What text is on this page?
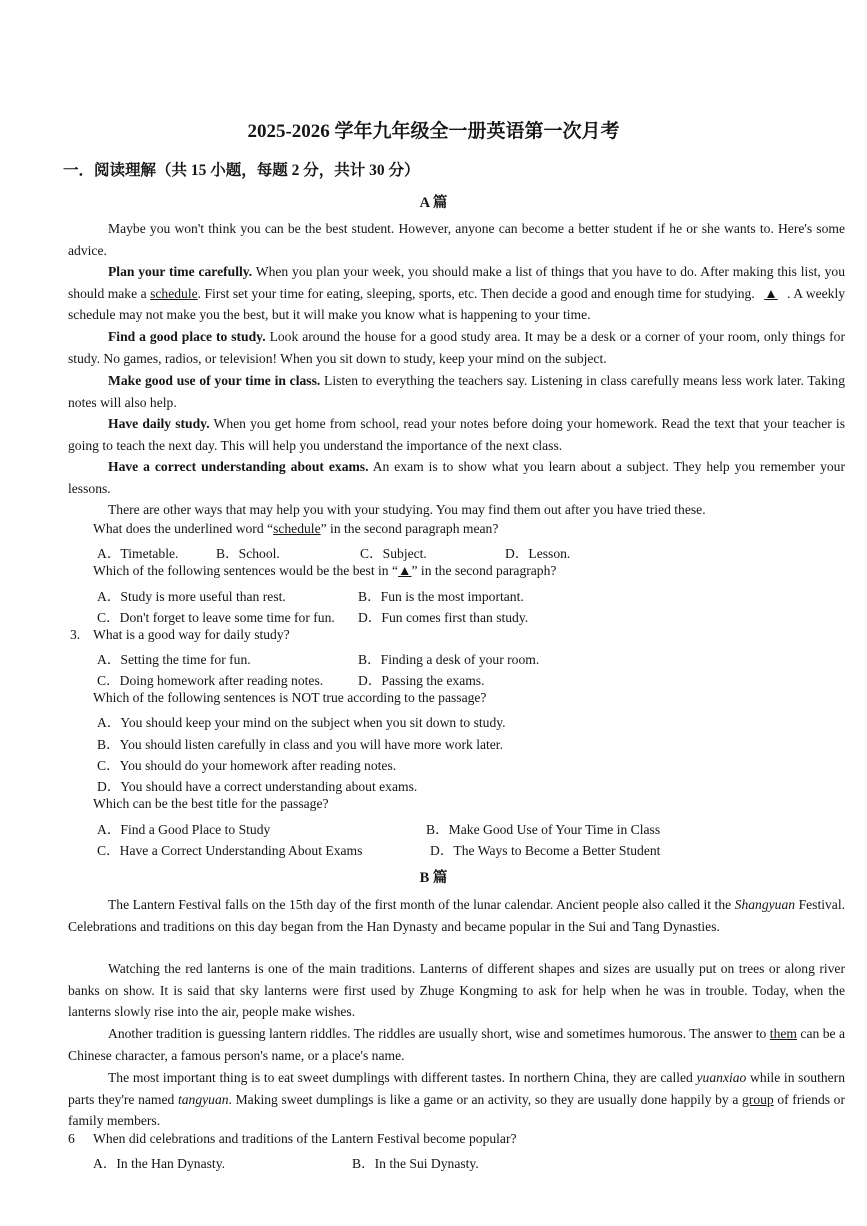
2025-2026 学年九年级全一册英语第一次月考
一．阅读理解（共 15 小题，每题 2 分，共计 30 分）
A 篇
Maybe you won't think you can be the best student. However, anyone can become a better student if he or she wants to. Here's some advice.
Plan your time carefully. When you plan your week, you should make a list of things that you have to do. After making this list, you should make a schedule. First set your time for eating, sleeping, sports, etc. Then decide a good and enough time for studying. ▲ . A weekly schedule may not make you the best, but it will make you know what is happening to your time.
Find a good place to study. Look around the house for a good study area. It may be a desk or a corner of your room, only things for study. No games, radios, or television! When you sit down to study, keep your mind on the subject.
Make good use of your time in class. Listen to everything the teachers say. Listening in class carefully means less work later. Taking notes will also help.
Have daily study. When you get home from school, read your notes before doing your homework. Read the text that your teacher is going to teach the next day. This will help you understand the importance of the next class.
Have a correct understanding about exams. An exam is to show what you learn about a subject. They help you remember your lessons.
There are other ways that may help you with your studying. You may find them out after you have tried these.
What does the underlined word “schedule” in the second paragraph mean?
A．Timetable.	B．School.	C．Subject.	D．Lesson.
Which of the following sentences would be the best in “▲” in the second paragraph?
A．Study is more useful than rest.	B．Fun is the most important.
C．Don't forget to leave some time for fun. D．Fun comes first than study.
3. What is a good way for daily study?
A．Setting the time for fun.	B．Finding a desk of your room.
C．Doing homework after reading notes.	D．Passing the exams.
Which of the following sentences is NOT true according to the passage?
A．You should keep your mind on the subject when you sit down to study.
B．You should listen carefully in class and you will have more work later.
C．You should do your homework after reading notes.
D．You should have a correct understanding about exams.
Which can be the best title for the passage?
A．Find a Good Place to Study	B．Make Good Use of Your Time in Class
C．Have a Correct Understanding About Exams	D．The Ways to Become a Better Student
B 篇
The Lantern Festival falls on the 15th day of the first month of the lunar calendar. Ancient people also called it the Shangyuan Festival. Celebrations and traditions on this day began from the Han Dynasty and became popular in the Sui and Tang Dynasties.
Watching the red lanterns is one of the main traditions. Lanterns of different shapes and sizes are usually put on trees or along river banks on show. It is said that sky lanterns were first used by Zhuge Kongming to ask for help when he was in trouble. Today, when the lanterns slowly rise into the air, people make wishes.
Another tradition is guessing lantern riddles. The riddles are usually short, wise and sometimes humorous. The answer to them can be a Chinese character, a famous person's name, or a place's name.
The most important thing is to eat sweet dumplings with different tastes. In northern China, they are called yuanxiao while in southern parts they're named tangyuan. Making sweet dumplings is like a game or an activity, so they are usually done happily by a group of friends or family members.
6 When did celebrations and traditions of the Lantern Festival become popular?
A．In the Han Dynasty.	B．In the Sui Dynasty.
